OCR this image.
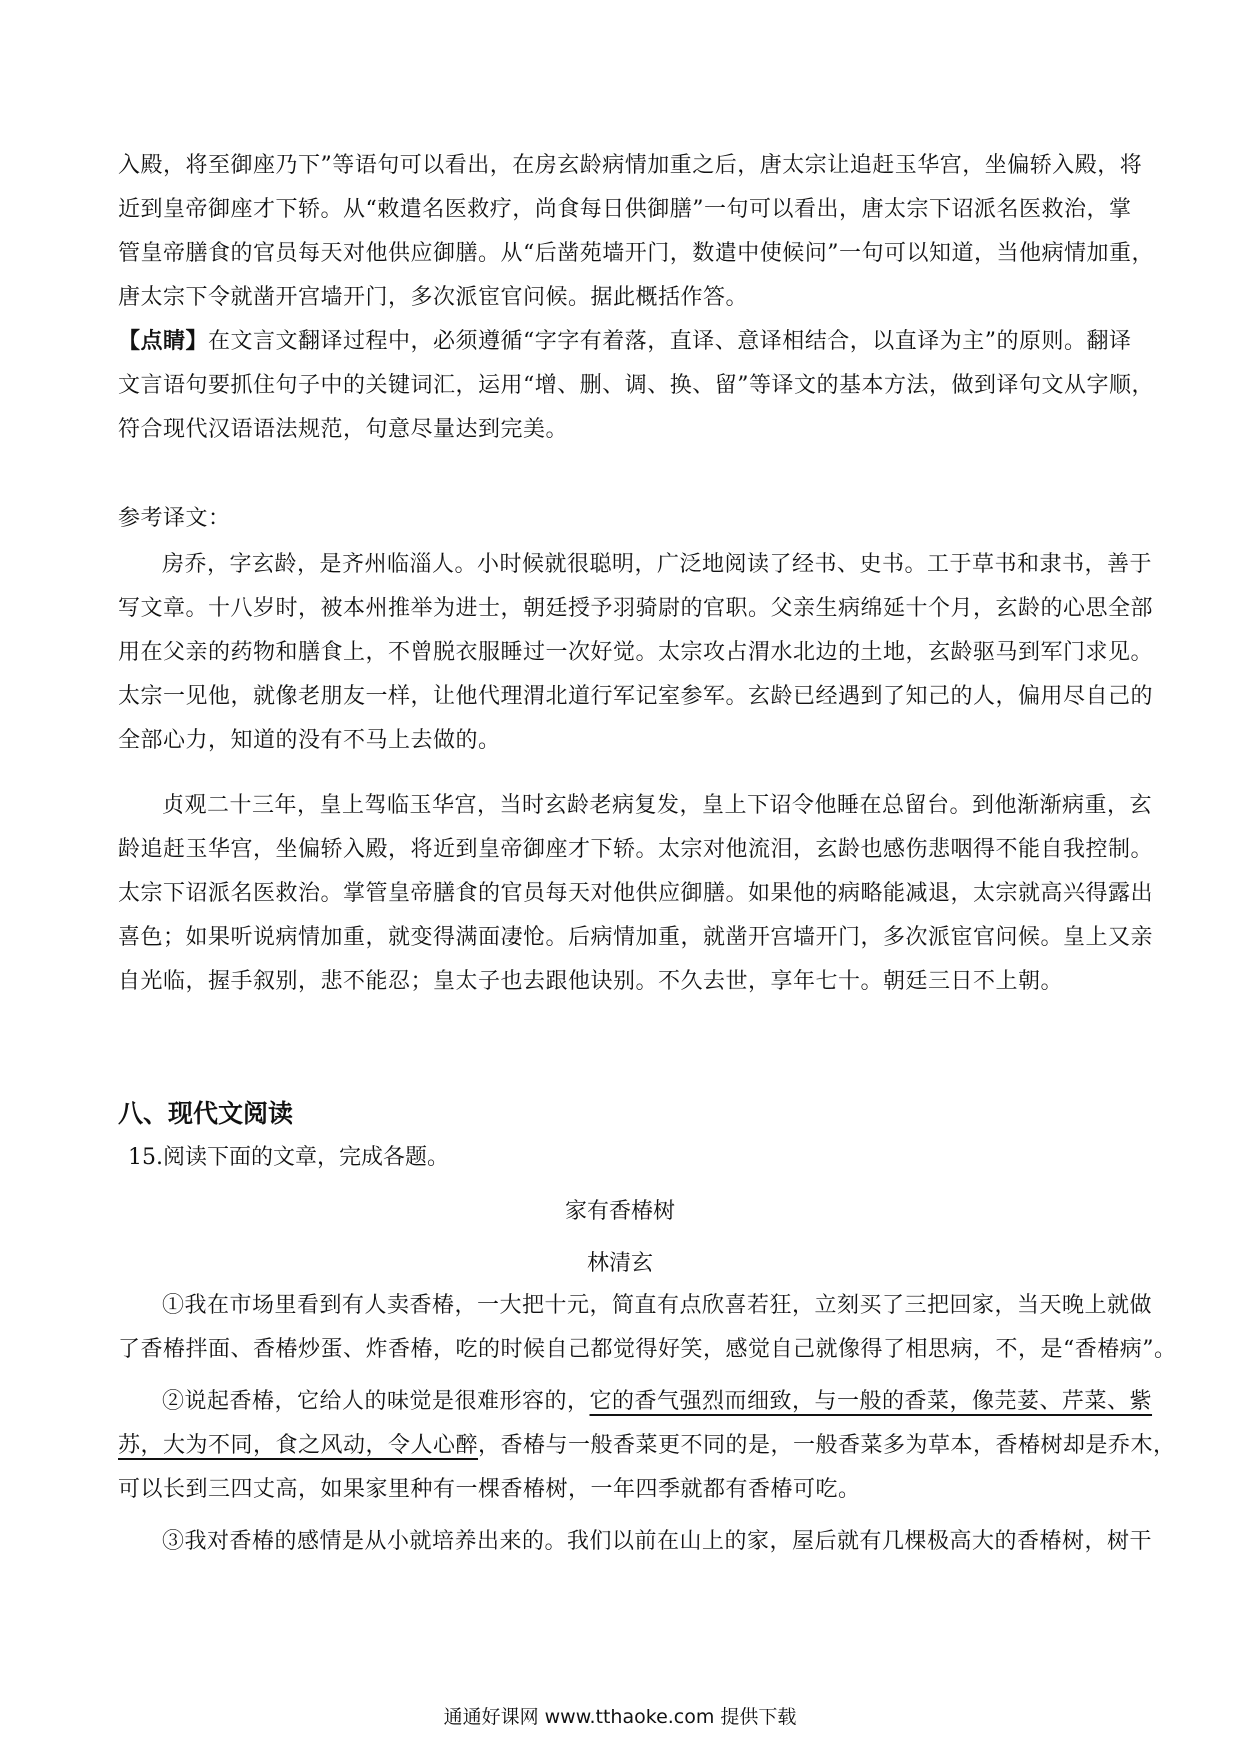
入殿，将至御座乃下”等语句可以看出，在房玄龄病情加重之后，唐太宗让追赶玉华宫，坐偏轿入殿，将
近到皇帝御座才下轿。从“敕遣名医救疗，尚食每日供御膳”一句可以看出，唐太宗下诏派名医救治，掌
管皇帝膳食的官员每天对他供应御膳。从“后凿苑墙开门，数遣中使候问”一句可以知道，当他病情加重，
唐太宗下令就凿开宫墙开门，多次派宦官问候。据此概括作答。
【点睛】在文言文翻译过程中，必须遵循“字字有着落，直译、意译相结合，以直译为主”的原则。翻译
文言语句要抓住句子中的关键词汇，运用“增、删、调、换、留”等译文的基本方法，做到译句文从字顺，
符合现代汉语语法规范，句意尽量达到完美。
参考译文：
房乔，字玄龄，是齐州临淄人。小时候就很聪明，广泛地阅读了经书、史书。工于草书和隶书，善于
写文章。十八岁时，被本州推举为进士，朝廷授予羽骑尉的官职。父亲生病绵延十个月，玄龄的心思全部
用在父亲的药物和膳食上，不曾脱衣服睡过一次好觉。太宗攻占渭水北边的土地，玄龄驱马到军门求见。
太宗一见他，就像老朋友一样，让他代理渭北道行军记室参军。玄龄已经遇到了知己的人，偏用尽自己的
全部心力，知道的没有不马上去做的。
贞观二十三年，皇上驾临玉华宫，当时玄龄老病复发，皇上下诏令他睡在总留台。到他渐渐病重，玄
龄追赶玉华宫，坐偏轿入殿，将近到皇帝御座才下轿。太宗对他流泪，玄龄也感伤悲咽得不能自我控制。
太宗下诏派名医救治。掌管皇帝膳食的官员每天对他供应御膳。如果他的病略能减退，太宗就高兴得露出
喜色；如果听说病情加重，就变得满面凄怆。后病情加重，就凿开宫墙开门，多次派宦官问候。皇上又亲
自光临，握手叙别，悲不能忍；皇太子也去跟他诀别。不久去世，享年七十。朝廷三日不上朝。
八、现代文阅读
15.阅读下面的文章，完成各题。
家有香椿树
林清玄
①我在市场里看到有人卖香椿，一大把十元，简直有点欣喜若狂，立刻买了三把回家，当天晚上就做
了香椿拌面、香椿炒蛋、炸香椿，吃的时候自己都觉得好笑，感觉自己就像得了相思病，不，是“香椿病”。
②说起香椿，它给人的味觉是很难形容的，它的香气强烈而细致，与一般的香菜，像芫荽、芹菜、紫
苏，大为不同，食之风动，令人心醉，香椿与一般香菜更不同的是，一般香菜多为草本，香椿树却是乔木，
可以长到三四丈高，如果家里种有一棵香椿树，一年四季就都有香椿可吃。
③我对香椿的感情是从小就培养出来的。我们以前在山上的家，屋后就有几棵极高大的香椿树，树干
通通好课网 www.tthaoke.com 提供下载
